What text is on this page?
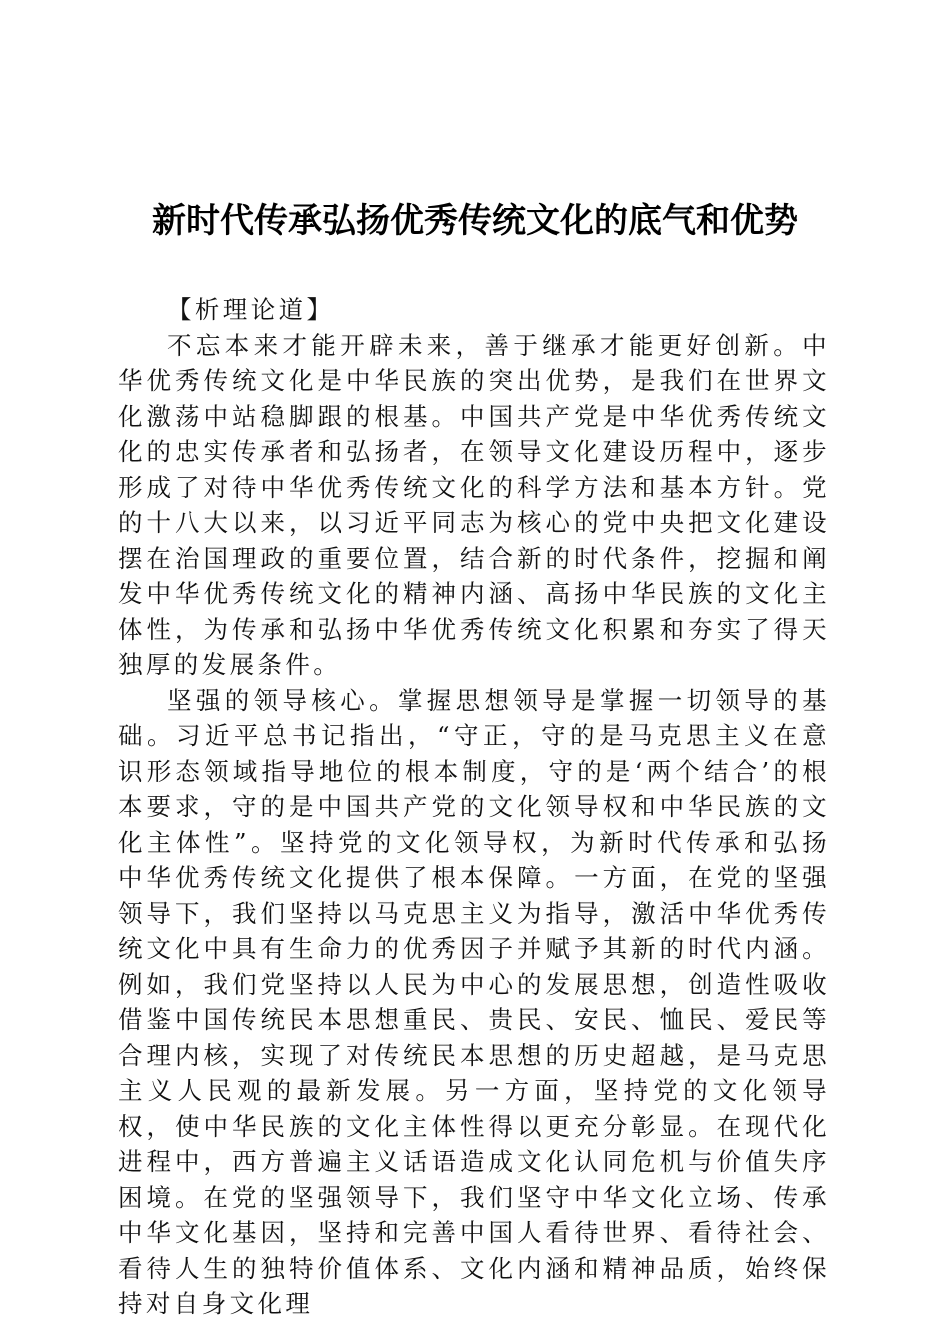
新时代传承弘扬优秀传统文化的底气和优势

【析理论道】

不忘本来才能开辟未来，善于继承才能更好创新。中华优秀传统文化是中华民族的突出优势，是我们在世界文化激荡中站稳脚跟的根基。中国共产党是中华优秀传统文化的忠实传承者和弘扬者，在领导文化建设历程中，逐步形成了对待中华优秀传统文化的科学方法和基本方针。党的十八大以来，以习近平同志为核心的党中央把文化建设摆在治国理政的重要位置，结合新的时代条件，挖掘和阐发中华优秀传统文化的精神内涵、高扬中华民族的文化主体性，为传承和弘扬中华优秀传统文化积累和夯实了得天独厚的发展条件。

坚强的领导核心。掌握思想领导是掌握一切领导的基础。习近平总书记指出，“守正，守的是马克思主义在意识形态领域指导地位的根本制度，守的是‘两个结合’的根本要求，守的是中国共产党的文化领导权和中华民族的文化主体性”。坚持党的文化领导权，为新时代传承和弘扬中华优秀传统文化提供了根本保障。一方面，在党的坚强领导下，我们坚持以马克思主义为指导，激活中华优秀传统文化中具有生命力的优秀因子并赋予其新的时代内涵。例如，我们党坚持以人民为中心的发展思想，创造性吸收借鉴中国传统民本思想重民、贵民、安民、恤民、爱民等合理内核，实现了对传统民本思想的历史超越，是马克思主义人民观的最新发展。另一方面，坚持党的文化领导权，使中华民族的文化主体性得以更充分彰显。在现代化进程中，西方普遍主义话语造成文化认同危机与价值失序困境。在党的坚强领导下，我们坚守中华文化立场、传承中华文化基因，坚持和完善中国人看待世界、看待社会、看待人生的独特价值体系、文化内涵和精神品质，始终保持对自身文化理
